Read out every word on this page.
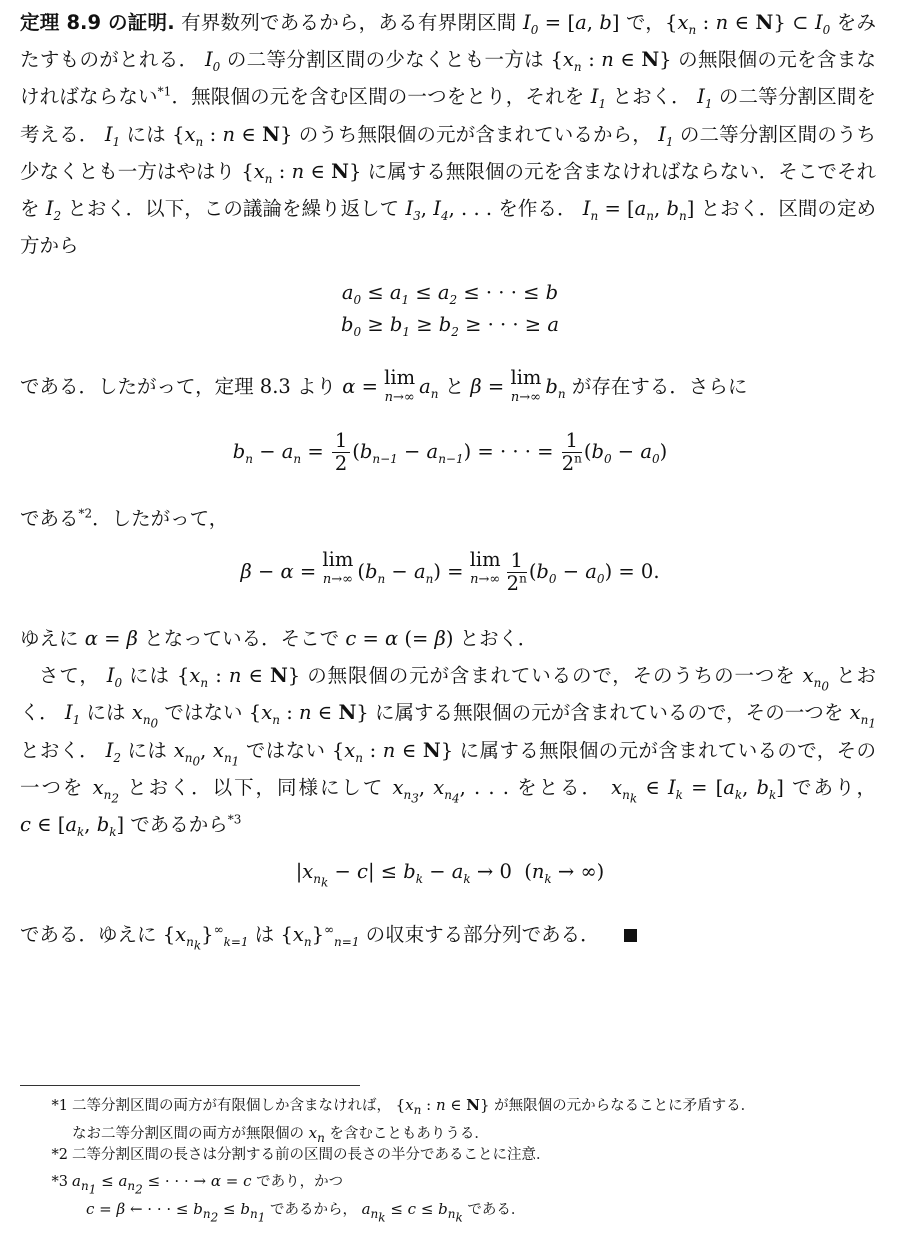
定理 8.9 の証明. 有界数列であるから，ある有界閉区間 $I_0 = [a$, b] で，{$x_n$ : n ∈ N} ⊂ $I_0$ をみたすものがとれる． $I_0$ の二等分割区間の少なくとも一方は {$x_n$ : n ∈ N} の無限個の元を含まなければならない$^{*1}$．無限個の元を含む区間の一つをとり，それを $I_1$ とおく． $I_1$ の二等分割区間を考える． $I_1$ には {$x_n$ : n ∈ N} のうち無限個の元が含まれているから， $I_1$ の二等分割区間のうち少なくとも一方はやはり {$x_n$ : n ∈ N} に属する無限個の元を含まなければならない．そこでそれを $I_2$ とおく．以下，この議論を繰り返して $I_3$, $I_4$, . . . を作る． $I_n = [a_n$, $b_n$] とおく．区間の定め方から

$a_0 \le a_1 \le a_2$ ≤ · · · ≤ b
$b_0 \ge b_1 \ge b_2$ ≥ · · · ≥ a

である．したがって，定理 8.3 より α = lim
n→∞ $a_n$ と β = lim
n→∞ $b_n$ が存在する．さらに

$b_n - a_n = \frac{1}{2} (b_{n-1} - a_{n-1})$ = · · · = $\frac{1}{2^n} (b_0 - a_0)$

である$^{*2}$．したがって，

β − α = lim
n→∞ $(b_n - a_n) = \lim$
$n\to\infty \frac{1}{2^n} (b_0 - a_0) = 0$.

ゆえに α = β となっている．そこで c = α (= β) とおく．

さて， $I_0$ には {$x_n$ : n ∈ N} の無限個の元が含まれているので，そのうちの一つを $x_{n_0}$ とおく． $I_1$ には $x_{n_0}$ ではない {$x_n$ : n ∈ N} に属する無限個の元が含まれているので，その一つを $x_{n_1}$ とおく． $I_2$ には $x_{n_0}$, $x_{n_1}$ ではない {$x_n$ : n ∈ N} に属する無限個の元が含まれているので，その一つを $x_{n_2}$ とおく．以下，同様にして $x_{n_3}$, $x_{n_4}$, . . . をとる． $x_{n_k}$ ∈ $I_k = [a_k$, $b_k$] であり， c ∈ [$a_k$, $b_k$] であるから$^{*3}$

$|x_{n_k} - c| \le b_k - a_k \to 0$  ($n_k$ → ∞)

である．ゆえに $\{x_{n_k}\}^\infty_{k=1}$ は $\{x_n\}^\infty_{n=1}$ の収束する部分列である．

*1 二等分割区間の両方が有限個しか含まなければ， {$x_n$ : n ∈ N} が無限個の元からなることに矛盾する．
なお二等分割区間の両方が無限個の $x_n$ を含むこともありうる．
*2 二等分割区間の長さは分割する前の区間の長さの半分であることに注意．
*3 $a_{n_1} \le a_{n_2}$ ≤ · · · → α = c であり，かつ
c = β ← · · · ≤ $b_{n_2} \le b_{n_1}$ であるから， $a_{n_k} \le c \le b_{n_k}$ である．
